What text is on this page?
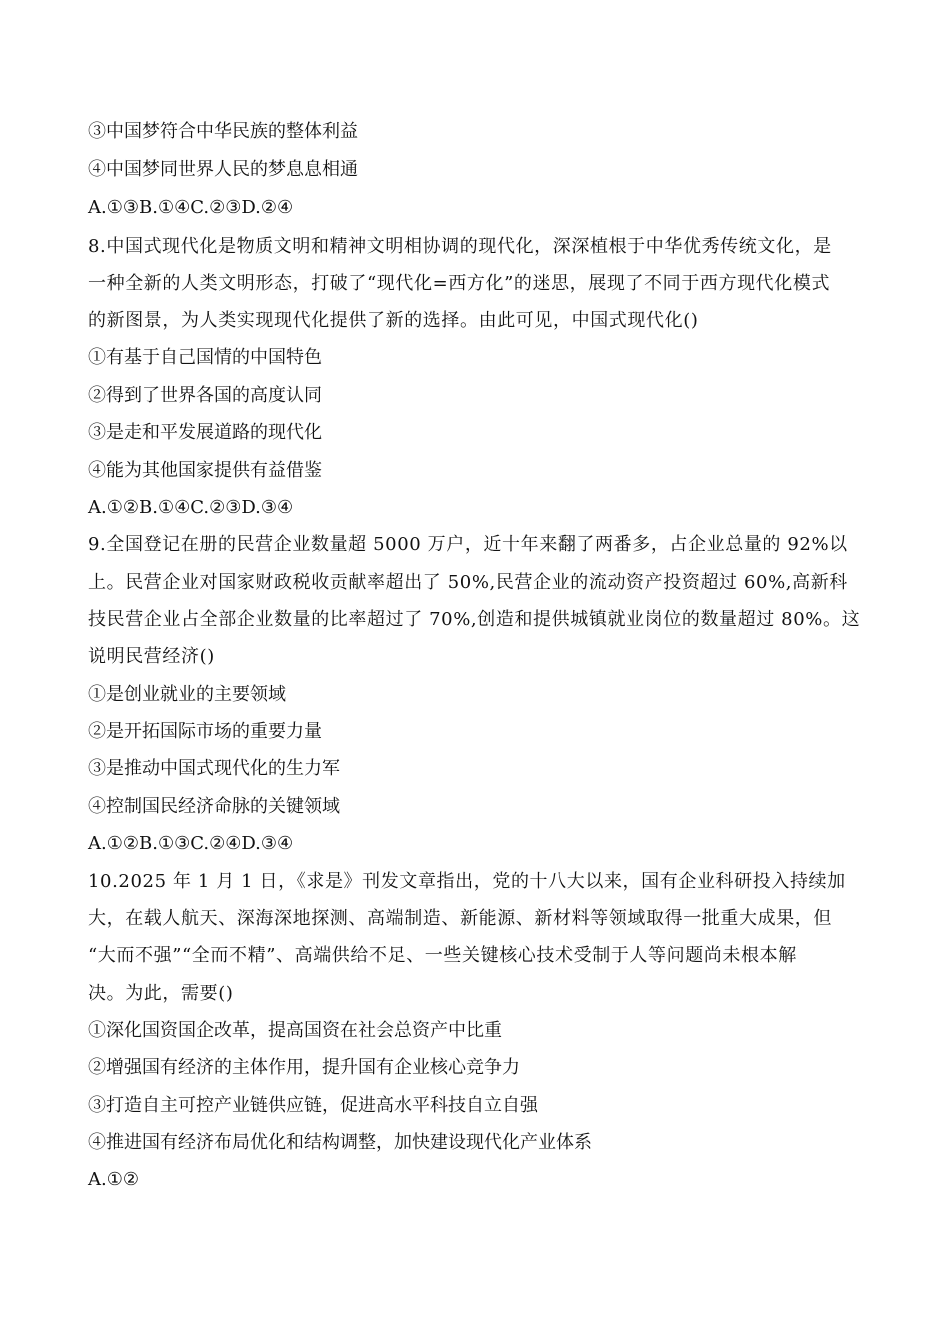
③中国梦符合中华民族的整体利益
④中国梦同世界人民的梦息息相通
A.①③B.①④C.②③D.②④
8.中国式现代化是物质文明和精神文明相协调的现代化，深深植根于中华优秀传统文化，是
一种全新的人类文明形态，打破了“现代化=西方化”的迷思，展现了不同于西方现代化模式
的新图景，为人类实现现代化提供了新的选择。由此可见，中国式现代化()
①有基于自己国情的中国特色
②得到了世界各国的高度认同
③是走和平发展道路的现代化
④能为其他国家提供有益借鉴
A.①②B.①④C.②③D.③④
9.全国登记在册的民营企业数量超 5000 万户，近十年来翻了两番多，占企业总量的 92%以
上。民营企业对国家财政税收贡献率超出了 50%,民营企业的流动资产投资超过 60%,高新科
技民营企业占全部企业数量的比率超过了 70%,创造和提供城镇就业岗位的数量超过 80%。这
说明民营经济()
①是创业就业的主要领域
②是开拓国际市场的重要力量
③是推动中国式现代化的生力军
④控制国民经济命脉的关键领域
A.①②B.①③C.②④D.③④
10.2025 年 1 月 1 日，《求是》刊发文章指出，党的十八大以来，国有企业科研投入持续加
大，在载人航天、深海深地探测、高端制造、新能源、新材料等领域取得一批重大成果，但
“大而不强”“全而不精”、高端供给不足、一些关键核心技术受制于人等问题尚未根本解
决。为此，需要()
①深化国资国企改革，提高国资在社会总资产中比重
②增强国有经济的主体作用，提升国有企业核心竞争力
③打造自主可控产业链供应链，促进高水平科技自立自强
④推进国有经济布局优化和结构调整，加快建设现代化产业体系
A.①②
